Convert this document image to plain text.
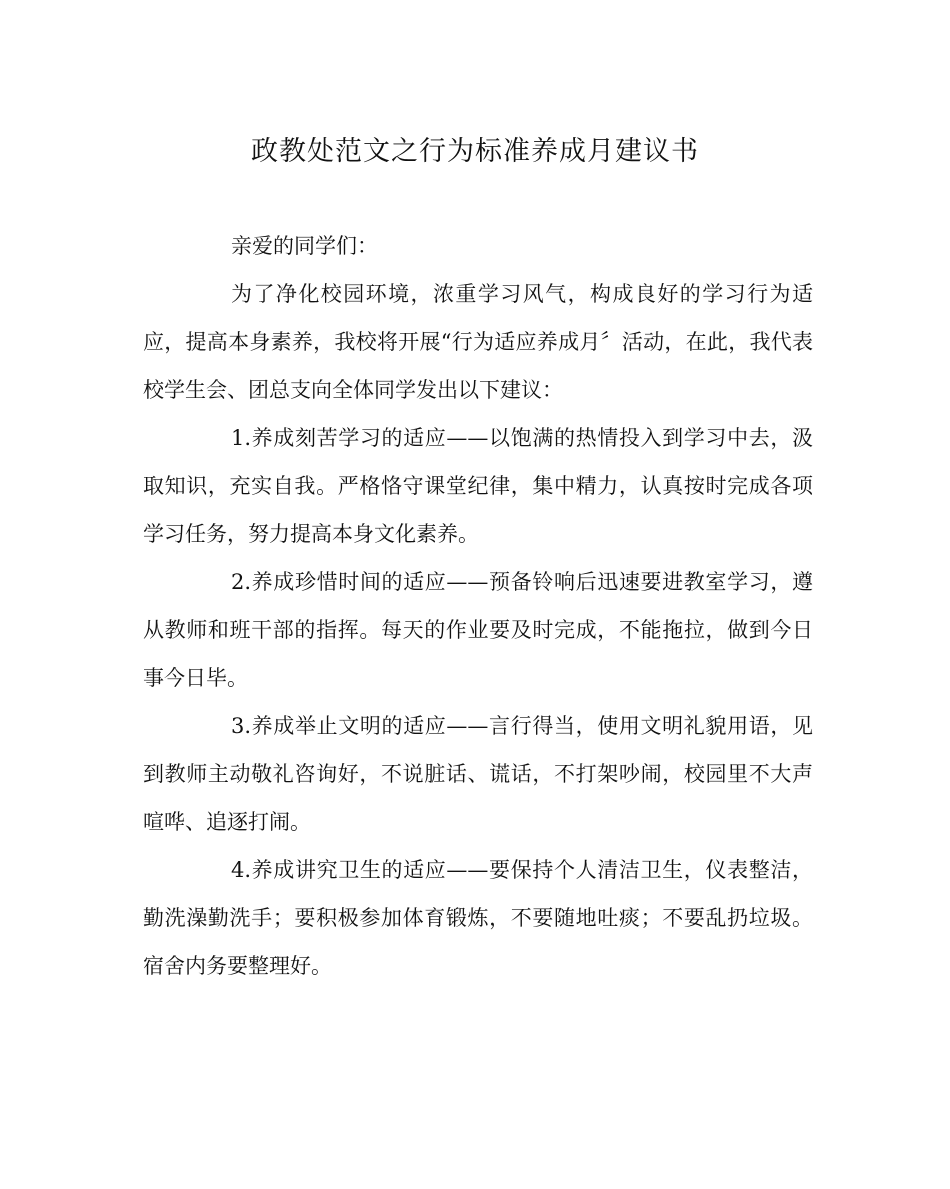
政教处范文之行为标准养成月建议书

亲爱的同学们：

为了净化校园环境，浓重学习风气，构成良好的学习行为适应，提高本身素养，我校将开展“行为适应养成月〞活动，在此，我代表校学生会、团总支向全体同学发出以下建议：

1.养成刻苦学习的适应——以饱满的热情投入到学习中去，汲取知识，充实自我。严格恪守课堂纪律，集中精力，认真按时完成各项学习任务，努力提高本身文化素养。

2.养成珍惜时间的适应——预备铃响后迅速要进教室学习，遵从教师和班干部的指挥。每天的作业要及时完成，不能拖拉，做到今日事今日毕。

3.养成举止文明的适应——言行得当，使用文明礼貌用语，见到教师主动敬礼咨询好，不说脏话、谎话，不打架吵闹，校园里不大声喧哗、追逐打闹。

4.养成讲究卫生的适应——要保持个人清洁卫生，仪表整洁，勤洗澡勤洗手；要积极参加体育锻炼，不要随地吐痰；不要乱扔垃圾。宿舍内务要整理好。
